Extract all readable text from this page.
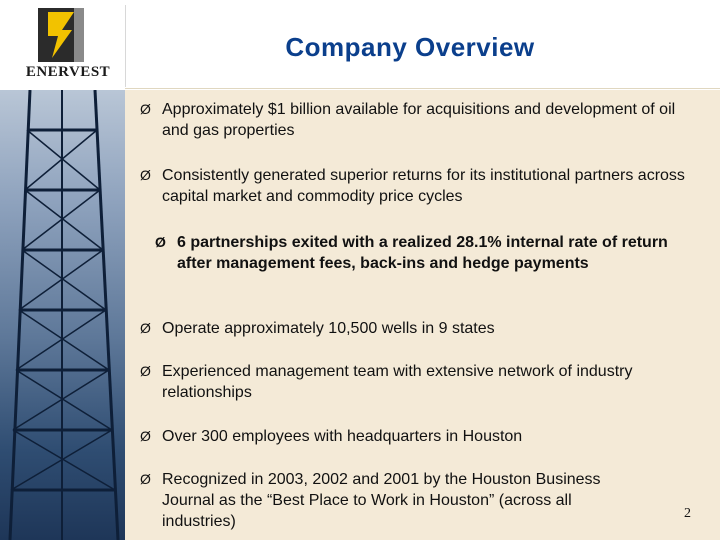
ENERVEST
Company Overview
Ø Approximately $1 billion available for acquisitions and development of oil and gas properties
Ø Consistently generated superior returns for its institutional partners across capital market and commodity price cycles
Ø 6 partnerships exited with a realized 28.1% internal rate of return after management fees, back-ins and hedge payments
Ø Operate approximately 10,500 wells in 9 states
Ø Experienced management team with extensive network of industry relationships
Ø Over 300 employees with headquarters in Houston
Ø Recognized in 2003, 2002 and 2001 by the Houston Business Journal as the “Best Place to Work in Houston” (across all industries)	2
